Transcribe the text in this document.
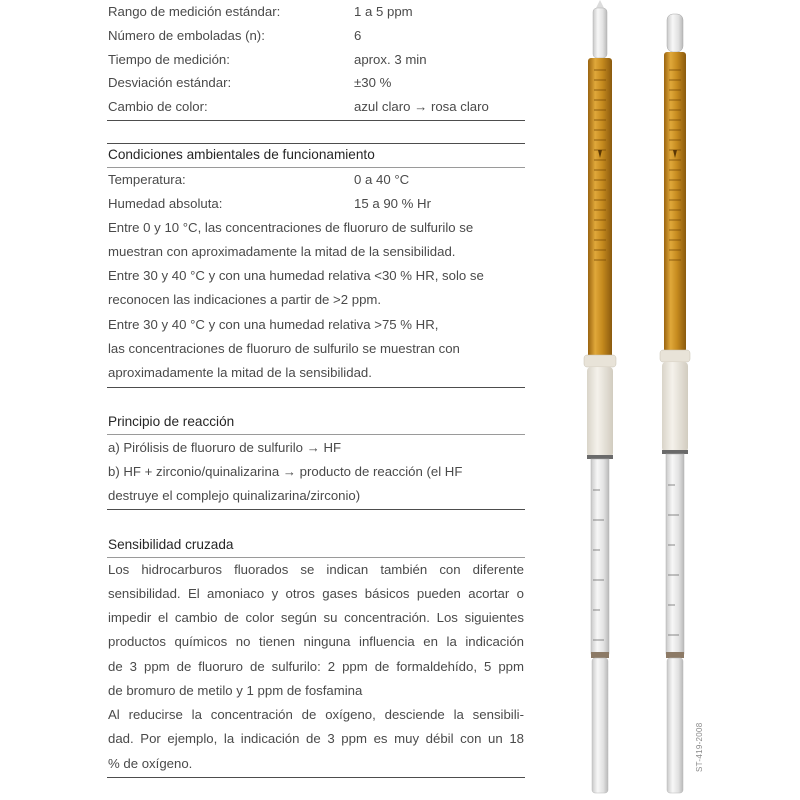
Rango de medición estándar:	1 a 5 ppm
Número de emboladas (n):	6
Tiempo de medición:	aprox. 3 min
Desviación estándar:	±30 %
Cambio de color:	azul claro → rosa claro
Condiciones ambientales de funcionamiento
Temperatura:	0 a 40 °C
Humedad absoluta:	15 a 90 % Hr
Entre 0 y 10 °C, las concentraciones de fluoruro de sulfurilo se
muestran con aproximadamente la mitad de la sensibilidad.
Entre 30 y 40 °C y con una humedad relativa <30 % HR, solo se
reconocen las indicaciones a partir de >2 ppm.
Entre 30 y 40 °C y con una humedad relativa >75 % HR,
las concentraciones de fluoruro de sulfurilo se muestran con
aproximadamente la mitad de la sensibilidad.
Principio de reacción
a) Pirólisis de fluoruro de sulfurilo → HF
b) HF + zirconio/quinalizarina → producto de reacción (el HF
destruye el complejo quinalizarina/zirconio)
Sensibilidad cruzada
Los hidrocarburos fluorados se indican también con diferente
sensibilidad. El amoniaco y otros gases básicos pueden acortar o
impedir el cambio de color según su concentración. Los siguientes
productos químicos no tienen ninguna influencia en la indicación
de 3 ppm de fluoruro de sulfurilo: 2 ppm de formaldehído, 5 ppm
de bromuro de metilo y 1 ppm de fosfamina
Al reducirse la concentración de oxígeno, desciende la sensibili-
dad. Por ejemplo, la indicación de 3 ppm es muy débil con un 18
% de oxígeno.	ST-419-2008
